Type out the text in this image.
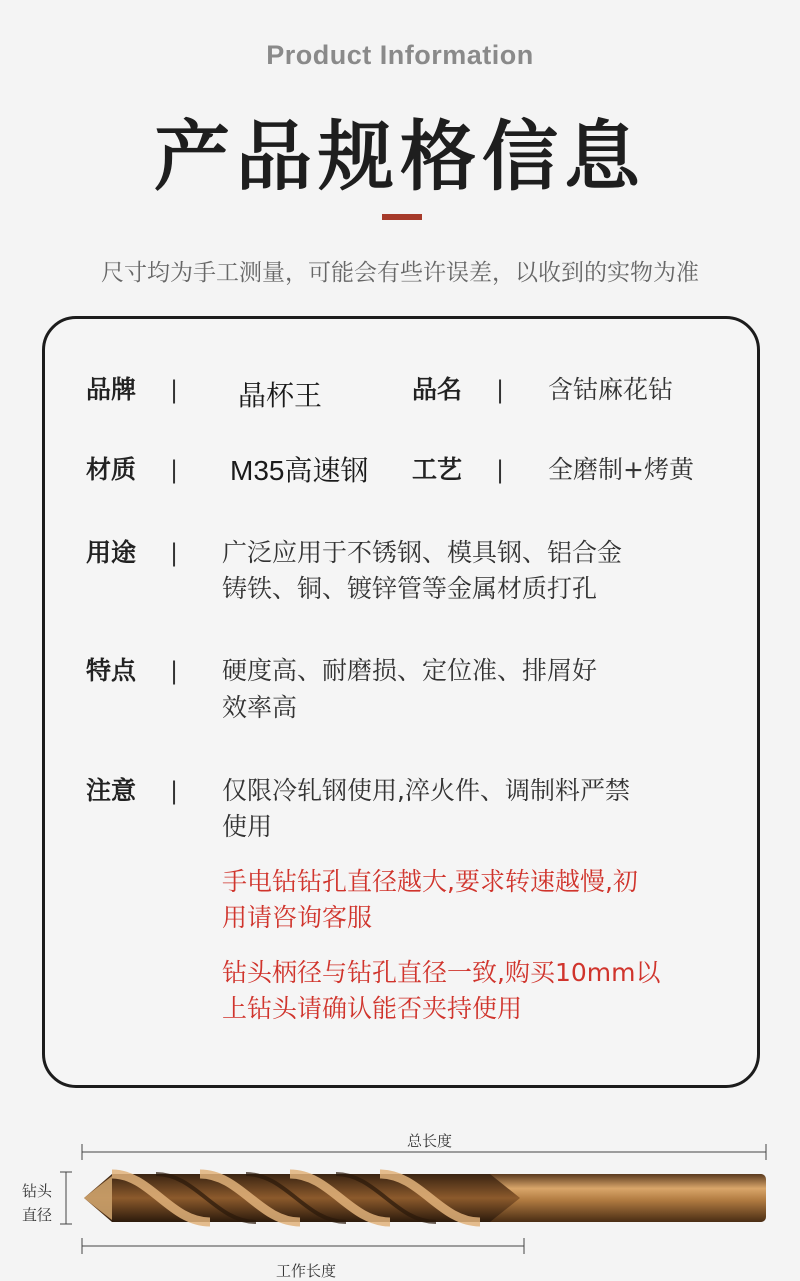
Product Information
产品规格信息
尺寸均为手工测量，可能会有些许误差，以收到的实物为准
品牌 | 晶杯王	品名 | 含钴麻花钻
材质 | M35高速钢 工艺 | 全磨制+烤黄
用途 | 广泛应用于不锈钢、模具钢、铝合金
铸铁、铜、镀锌管等金属材质打孔
特点 | 硬度高、耐磨损、定位准、排屑好
效率高
注意 | 仅限冷轧钢使用,淬火件、调制料严禁
使用
手电钻钻孔直径越大,要求转速越慢,初
用请咨询客服
钻头柄径与钻孔直径一致,购买10mm以
上钻头请确认能否夹持使用
总长度
钻头
直径
工作长度
